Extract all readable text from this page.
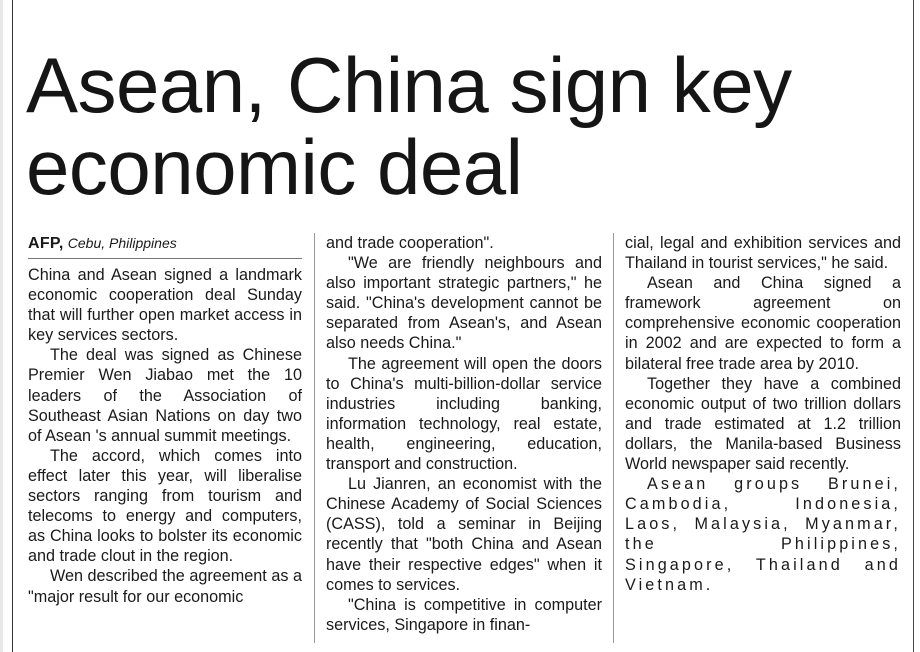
Asean, China sign key economic deal

AFP, Cebu, Philippines

China and Asean signed a landmark economic cooperation deal Sunday that will further open market access in key services sectors.

The deal was signed as Chinese Premier Wen Jiabao met the 10 leaders of the Association of Southeast Asian Nations on day two of Asean 's annual summit meetings.

The accord, which comes into effect later this year, will liberalise sectors ranging from tourism and telecoms to energy and computers, as China looks to bolster its economic and trade clout in the region.

Wen described the agreement as a "major result for our economic

and trade cooperation".

"We are friendly neighbours and also important strategic partners," he said. "China's development cannot be separated from Asean's, and Asean also needs China."

The agreement will open the doors to China's multi-billion-dollar service industries including banking, information technology, real estate, health, engineering, education, transport and construction.

Lu Jianren, an economist with the Chinese Academy of Social Sciences (CASS), told a seminar in Beijing recently that "both China and Asean have their respective edges" when it comes to services.

"China is competitive in computer services, Singapore in finan-

cial, legal and exhibition services and Thailand in tourist services," he said.

Asean and China signed a framework agreement on comprehensive economic cooperation in 2002 and are expected to form a bilateral free trade area by 2010.

Together they have a combined economic output of two trillion dollars and trade estimated at 1.2 trillion dollars, the Manila-based Business World newspaper said recently.

Asean groups Brunei, Cambodia, Indonesia, Laos, Malaysia, Myanmar, the Philippines, Singapore, Thailand and Vietnam.
